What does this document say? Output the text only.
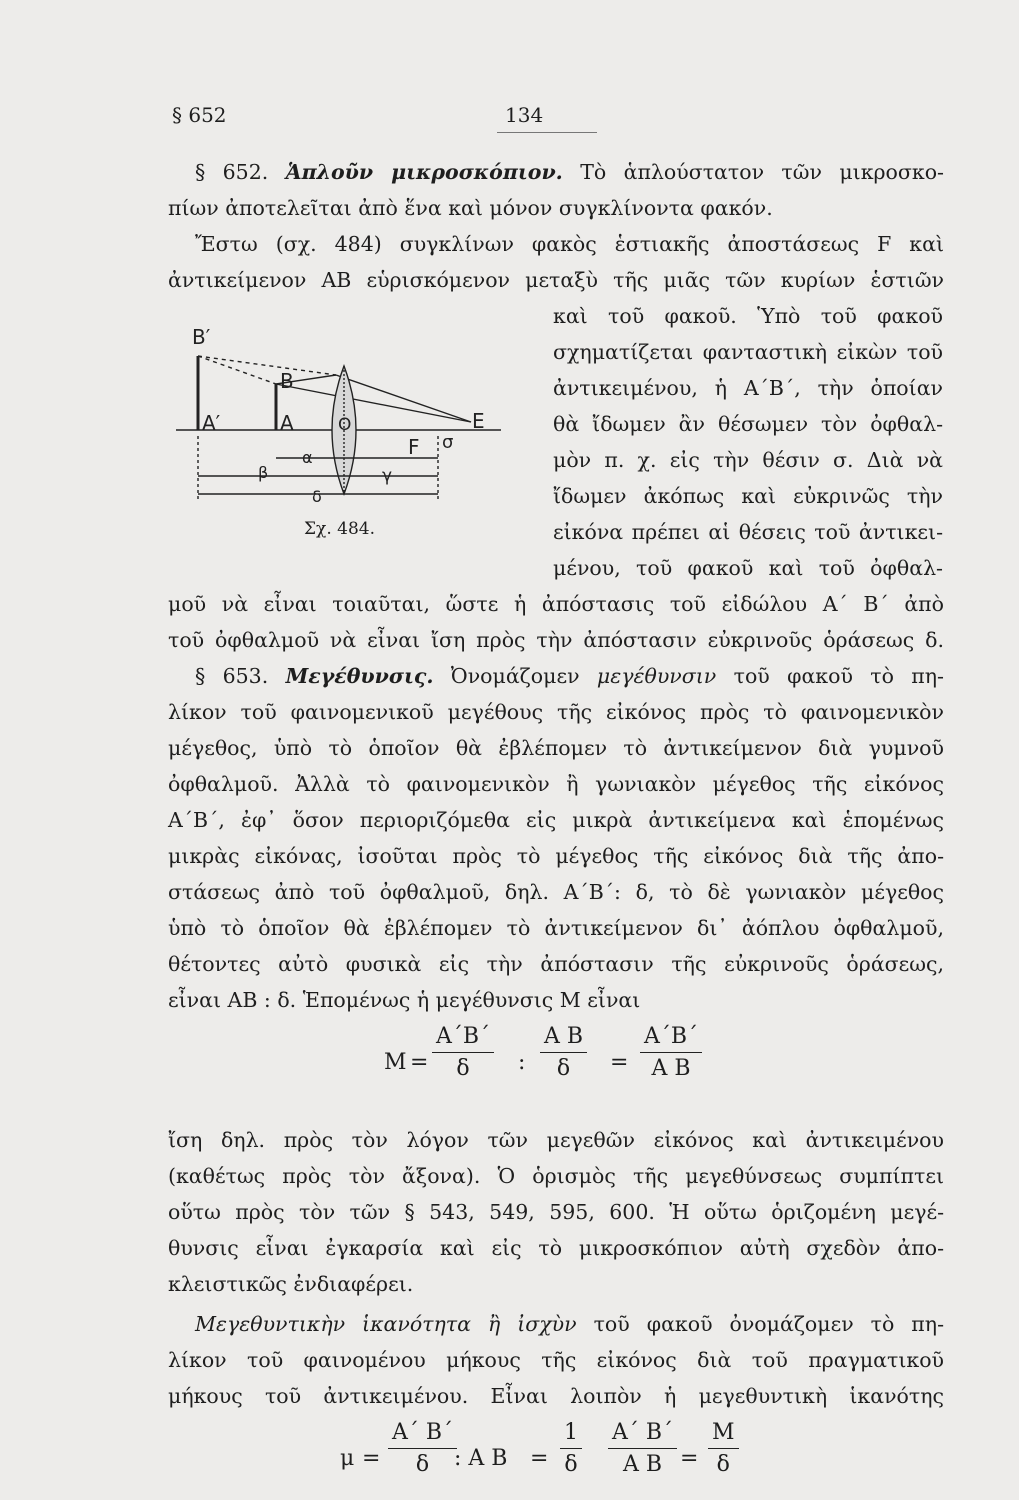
§ 652	134
§ 652. Ἁπλοῦν μικροσκόπιον. Τὸ ἁπλούστατον τῶν μικροσκο-
πίων ἀποτελεῖται ἀπὸ ἕνα καὶ μόνον συγκλίνοντα φακόν.
Ἔστω (σχ. 484) συγκλίνων φακὸς ἑστιακῆς ἀποστάσεως F καὶ
ἀντικείμενον ΑΒ εὑρισκόμενον μεταξὺ τῆς μιᾶς τῶν κυρίων ἑστιῶν
καὶ τοῦ φακοῦ. Ὑπὸ τοῦ φακοῦ
σχηματίζεται φανταστικὴ εἰκὼν τοῦ
ἀντικειμένου, ἡ Α΄Β΄, τὴν ὁποίαν
θὰ ἴδωμεν ἂν θέσωμεν τὸν ὀφθαλ-
μὸν π. χ. εἰς τὴν θέσιν σ. Διὰ νὰ
ἴδωμεν ἀκόπως καὶ εὐκρινῶς τὴν
εἰκόνα πρέπει αἱ θέσεις τοῦ ἀντικει-
μένου, τοῦ φακοῦ καὶ τοῦ ὀφθαλ-
μοῦ νὰ εἶναι τοιαῦται, ὥστε ἡ ἀπόστασις τοῦ εἰδώλου Α΄ Β΄ ἀπὸ
τοῦ ὀφθαλμοῦ νὰ εἶναι ἴση πρὸς τὴν ἀπόστασιν εὐκρινοῦς ὁράσεως δ.
B′
B
A′	A	O	E
F σ
α
β	γ
δ
Σχ. 484.
§ 653. Μεγέθυνσις. Ὀνομάζομεν μεγέθυνσιν τοῦ φακοῦ τὸ πη-
λίκον τοῦ φαινομενικοῦ μεγέθους τῆς εἰκόνος πρὸς τὸ φαινομενικὸν
μέγεθος, ὑπὸ τὸ ὁποῖον θὰ ἐβλέπομεν τὸ ἀντικείμενον διὰ γυμνοῦ
ὀφθαλμοῦ. Ἀλλὰ τὸ φαινομενικὸν ἢ γωνιακὸν μέγεθος τῆς εἰκόνος
Α΄Β΄, ἐφ᾽ ὅσον περιοριζόμεθα εἰς μικρὰ ἀντικείμενα καὶ ἑπομένως
μικρὰς εἰκόνας, ἰσοῦται πρὸς τὸ μέγεθος τῆς εἰκόνος διὰ τῆς ἀπο-
στάσεως ἀπὸ τοῦ ὀφθαλμοῦ, δηλ. Α΄Β΄: δ, τὸ δὲ γωνιακὸν μέγεθος
ὑπὸ τὸ ὁποῖον θὰ ἐβλέπομεν τὸ ἀντικείμενον δι᾽ ἀόπλου ὀφθαλμοῦ,
θέτοντες αὐτὸ φυσικὰ εἰς τὴν ἀπόστασιν τῆς εὐκρινοῦς ὁράσεως,
εἶναι ΑΒ : δ. Ἑπομένως ἡ μεγέθυνσις Μ εἶναι
$M = \frac{A΄B΄}{\delta}$ : $\frac{\text{A B}}{\delta} = \frac{A΄B΄}{\text{A B}}$
ἴση δηλ. πρὸς τὸν λόγον τῶν μεγεθῶν εἰκόνος καὶ ἀντικειμένου
(καθέτως πρὸς τὸν ἄξονα). Ὁ ὁρισμὸς τῆς μεγεθύνσεως συμπίπτει
οὕτω πρὸς τὸν τῶν § 543, 549, 595, 600. Ἡ οὕτω ὁριζομένη μεγέ-
θυνσις εἶναι ἐγκαρσία καὶ εἰς τὸ μικροσκόπιον αὐτὴ σχεδὸν ἀπο-
κλειστικῶς ἐνδιαφέρει.
Μεγεθυντικὴν ἱκανότητα ἢ ἰσχὺν τοῦ φακοῦ ὀνομάζομεν τὸ πη-
λίκον τοῦ φαινομένου μήκους τῆς εἰκόνος διὰ τοῦ πραγματικοῦ
μήκους τοῦ ἀντικειμένου. Εἶναι λοιπὸν ἡ μεγεθυντικὴ ἱκανότης
$\mu = \frac{A΄ B΄}{\delta}$
: A $B = \frac{1}{\delta} \frac{A΄ B΄}{\text{A B}} = \frac{M}{\delta}$
